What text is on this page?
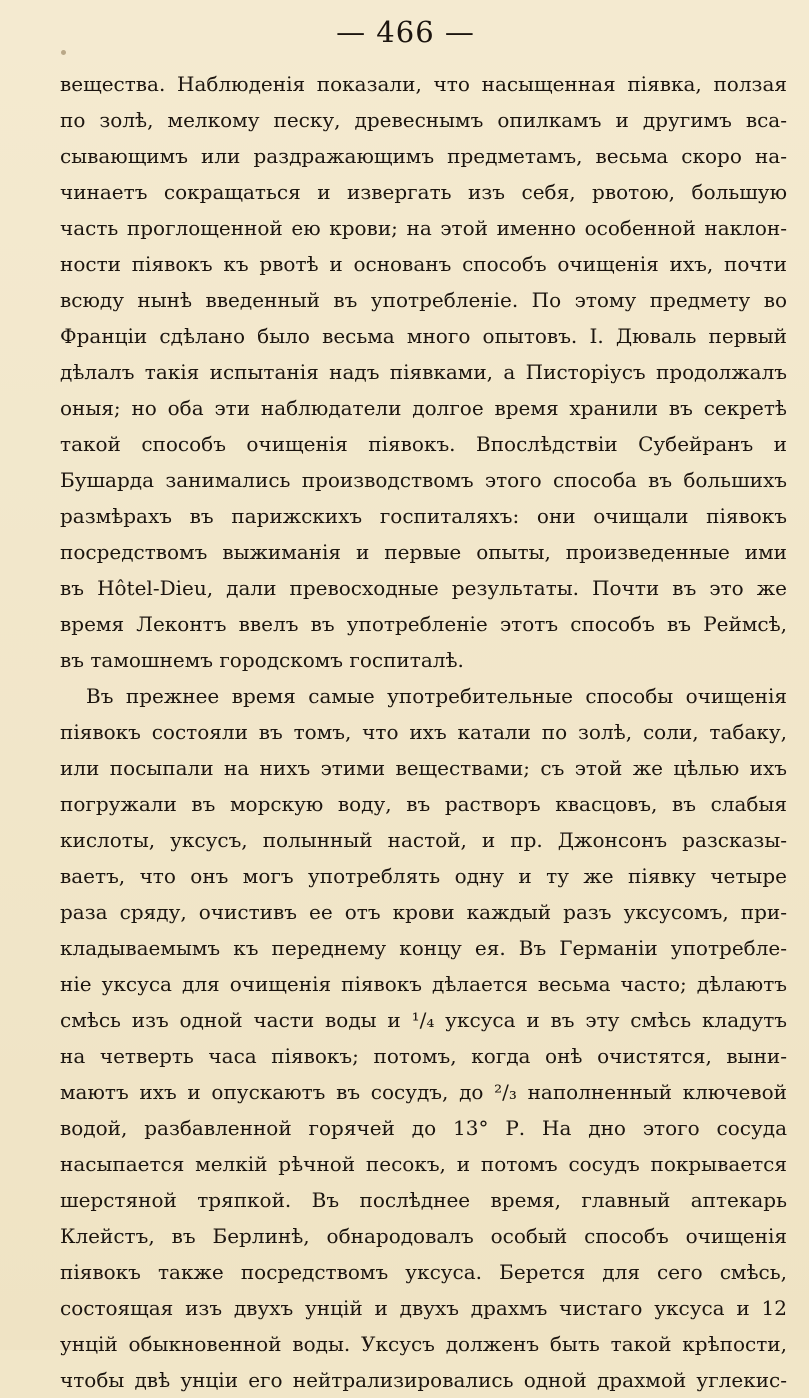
— 466 —
вещества. Наблюденія показали, что насыщенная піявка, ползая
по золѣ, мелкому песку, древеснымъ опилкамъ и другимъ вса-
сывающимъ или раздражающимъ предметамъ, весьма скоро на-
чинаетъ сокращаться и извергать изъ себя, рвотою, большую
часть проглощенной ею крови; на этой именно особенной наклон-
ности піявокъ къ рвотѣ и основанъ способъ очищенія ихъ, почти
всюду нынѣ введенный въ употребленіе. По этому предмету во
Франціи сдѣлано было весьма много опытовъ. І. Дюваль первый
дѣлалъ такія испытанія надъ піявками, а Писторіусъ продолжалъ
оныя; но оба эти наблюдатели долгое время хранили въ секретѣ
такой способъ очищенія піявокъ. Впослѣдствіи Субейранъ и
Бушарда занимались производствомъ этого способа въ большихъ
размѣрахъ въ парижскихъ госпиталяхъ: они очищали піявокъ
посредствомъ выжиманія и первые опыты, произведенные ими
въ Hôtel-Dieu, дали превосходные результаты. Почти въ это же
время Леконтъ ввелъ въ употребленіе этотъ способъ въ Реймсѣ,
въ тамошнемъ городскомъ госпиталѣ.
Въ прежнее время самые употребительные способы очищенія
піявокъ состояли въ томъ, что ихъ катали по золѣ, соли, табаку,
или посыпали на нихъ этими веществами; съ этой же цѣлью ихъ
погружали въ морскую воду, въ растворъ квасцовъ, въ слабыя
кислоты, уксусъ, полынный настой, и пр. Джонсонъ разсказы-
ваетъ, что онъ могъ употреблять одну и ту же піявку четыре
раза сряду, очистивъ ее отъ крови каждый разъ уксусомъ, при-
кладываемымъ къ переднему концу ея. Въ Германіи употребле-
ніе уксуса для очищенія піявокъ дѣлается весьма часто; дѣлаютъ
смѣсь изъ одной части воды и ¹/₄ уксуса и въ эту смѣсь кладутъ
на четверть часа піявокъ; потомъ, когда онѣ очистятся, выни-
маютъ ихъ и опускаютъ въ сосудъ, до ²/₃ наполненный ключевой
водой, разбавленной горячей до 13° Р. На дно этого сосуда
насыпается мелкій рѣчной песокъ, и потомъ сосудъ покрывается
шерстяной тряпкой. Въ послѣднее время, главный аптекарь
Клейстъ, въ Берлинѣ, обнародовалъ особый способъ очищенія
піявокъ также посредствомъ уксуса. Берется для сего смѣсь,
состоящая изъ двухъ унцій и двухъ драхмъ чистаго уксуса и 12
унцій обыкновенной воды. Уксусъ долженъ быть такой крѣпости,
чтобы двѣ унціи его нейтрализировались одной драхмой углекис-
